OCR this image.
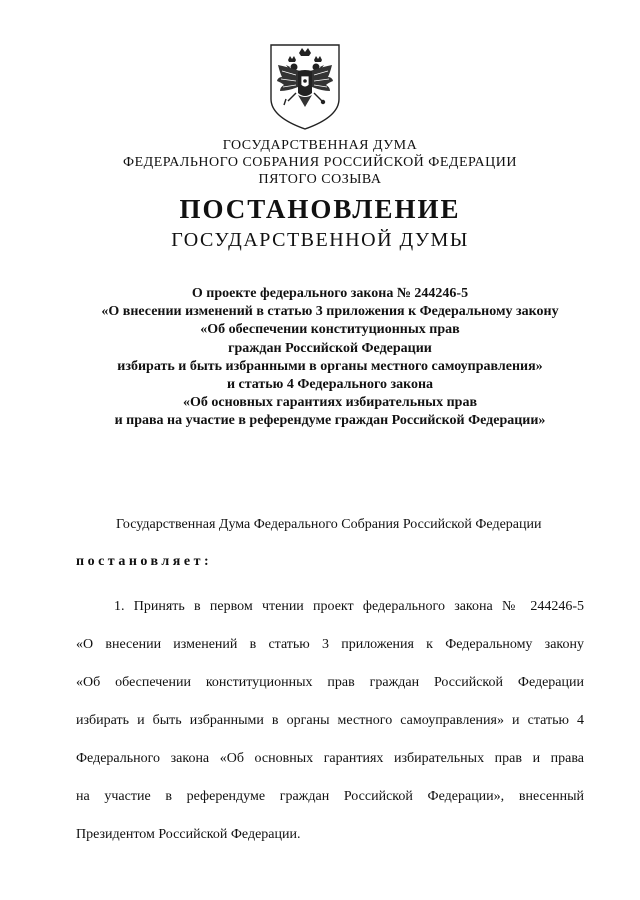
ГОСУДАРСТВЕННАЯ ДУМА
ФЕДЕРАЛЬНОГО СОБРАНИЯ РОССИЙСКОЙ ФЕДЕРАЦИИ
ПЯТОГО СОЗЫВА
ПОСТАНОВЛЕНИЕ
ГОСУДАРСТВЕННОЙ ДУМЫ
О проекте федерального закона № 244246-5
«О внесении изменений в статью 3 приложения к Федеральному закону
«Об обеспечении конституционных прав
граждан Российской Федерации
избирать и быть избранными в органы местного самоуправления»
и статью 4 Федерального закона
«Об основных гарантиях избирательных прав
и права на участие в референдуме граждан Российской Федерации»
Государственная Дума Федерального Собрания Российской Федерации
постановляет:
1. Принять в первом чтении проект федерального закона № 244246-5
«О внесении изменений в статью 3 приложения к Федеральному закону
«Об обеспечении конституционных прав граждан Российской Федерации
избирать и быть избранными в органы местного самоуправления» и статью 4
Федерального закона «Об основных гарантиях избирательных прав и права
на участие в референдуме граждан Российской Федерации», внесенный
Президентом Российской Федерации.
